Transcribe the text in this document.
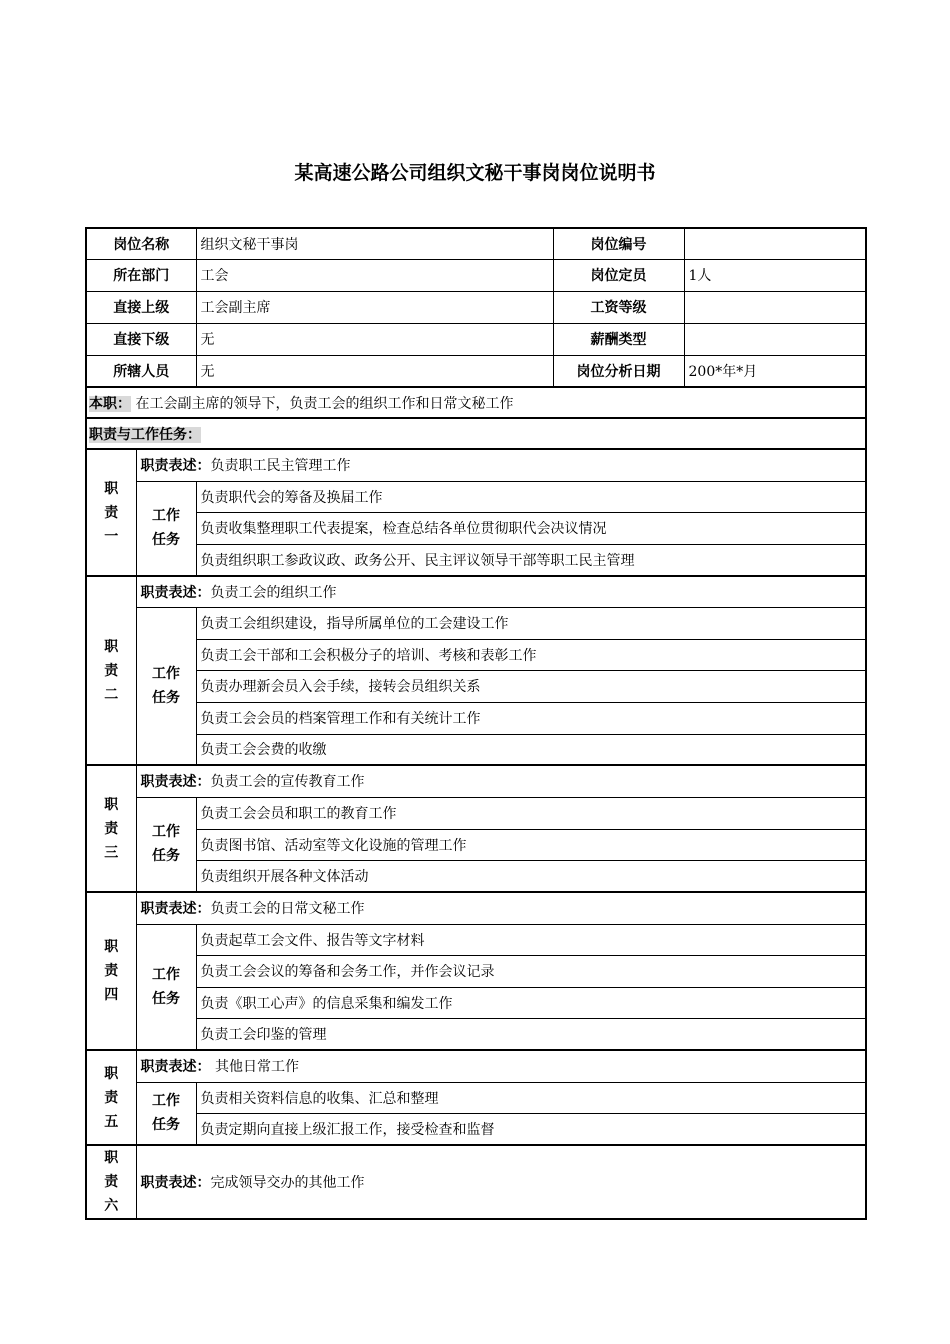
某高速公路公司组织文秘干事岗岗位说明书
岗位名称		组织文秘干事岗	岗位编号	
所在部门		工会	岗位定员	1人
直接上级		工会副主席	工资等级	
直接下级		无	薪酬类型	
所辖人员		无	岗位分析日期	200*年*月
本职： 在工会副主席的领导下，负责工会的组织工作和日常文秘工作				
职责与工作任务：				

职
责
一	职责表述：负责职工民主管理工作			

	工作
任务	负责职代会的筹备及换届工作		
		负责收集整理职工代表提案，检查总结各单位贯彻职代会决议情况		
		负责组织职工参政议政、政务公开、民主评议领导干部等职工民主管理		

职
责
二	职责表述：负责工会的组织工作			

	工作
任务	负责工会组织建设，指导所属单位的工会建设工作		
		负责工会干部和工会积极分子的培训、考核和表彰工作		
		负责办理新会员入会手续，接转会员组织关系		
		负责工会会员的档案管理工作和有关统计工作		
		负责工会会费的收缴		

职
责
三	职责表述：负责工会的宣传教育工作			

	工作
任务	负责工会会员和职工的教育工作		
		负责图书馆、活动室等文化设施的管理工作		
		负责组织开展各种文体活动		

职
责
四	职责表述：负责工会的日常文秘工作			

	工作
任务	负责起草工会文件、报告等文字材料		
		负责工会会议的筹备和会务工作，并作会议记录		
		负责《职工心声》的信息采集和编发工作		
		负责工会印鉴的管理		

职
责
五	职责表述： 其他日常工作			

	工作
任务	负责相关资料信息的收集、汇总和整理		
		负责定期向直接上级汇报工作，接受检查和监督		

职
责
六	职责表述：完成领导交办的其他工作			
